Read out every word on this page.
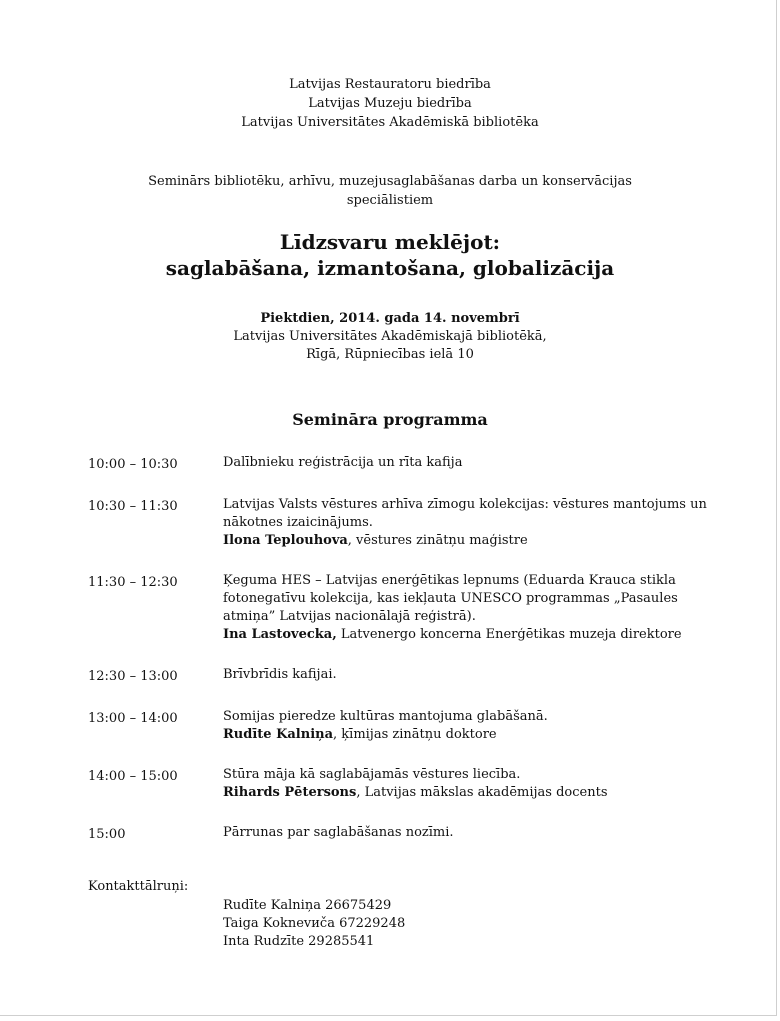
Latvijas Restauratoru biedrība
Latvijas Muzeju biedrība
Latvijas Universitātes Akadēmiskā bibliotēka
Seminārs bibliotēku, arhīvu, muzejusaglabāšanas darba un konservācijas speciālistiem
Līdzsvaru meklējot:
saglabāšana, izmantošana, globalizācija
Piektdien, 2014. gada 14. novembrī
Latvijas Universitātes Akadēmiskajā bibliotēkā,
Rīgā, Rūpniecības ielā 10
Semināra programma
10:00 – 10:30	Dalībnieku reģistrācija un rīta kafija
10:30 – 11:30	Latvijas Valsts vēstures arhīva zīmogu kolekcijas: vēstures mantojums un nākotnes izaicinājums.
Ilona Teplouhova, vēstures zinātņu maģistre
11:30 – 12:30	Ķeguma HES – Latvijas enerģētikas lepnums (Eduarda Krauca stikla fotonegatīvu kolekcija, kas iekļauta UNESCO programmas „Pasaules atmiņa” Latvijas nacionālajā reģistrā).
Ina Lastovecka, Latvenergo koncerna Enerģētikas muzeja direktore
12:30 – 13:00	Brīvbrīdis kafijai.
13:00 – 14:00	Somijas pieredze kultūras mantojuma glabāšanā.
Rudīte Kalniņa, ķīmijas zinātņu doktore
14:00 – 15:00	Stūra māja kā saglabājamās vēstures liecība.
Rihards Pētersons, Latvijas mākslas akadēmijas docents
15:00	Pārrunas par saglabāšanas nozīmi.
Kontakttālruņi:
Rudīte Kalniņa 26675429
Taiga Koknevиča 67229248
Inta Rudzīte 29285541
